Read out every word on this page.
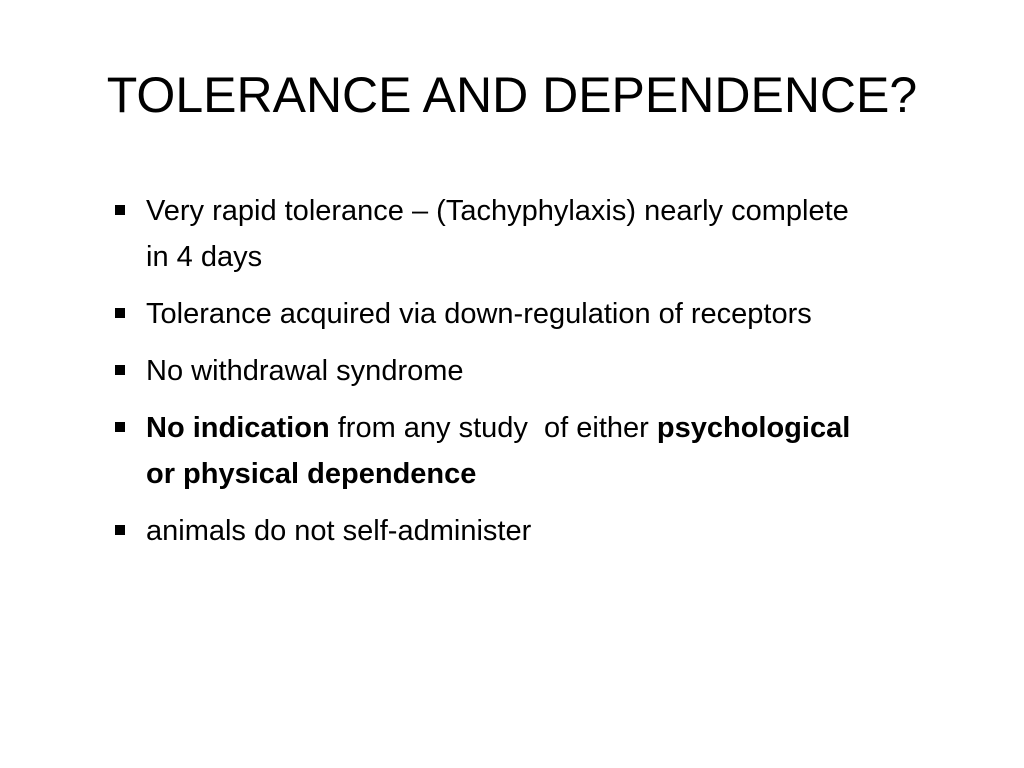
TOLERANCE AND DEPENDENCE?
Very rapid tolerance – (Tachyphylaxis) nearly complete in 4 days
Tolerance acquired via down-regulation of receptors
No withdrawal syndrome
No indication from any study  of either psychological or physical dependence
animals do not self-administer
